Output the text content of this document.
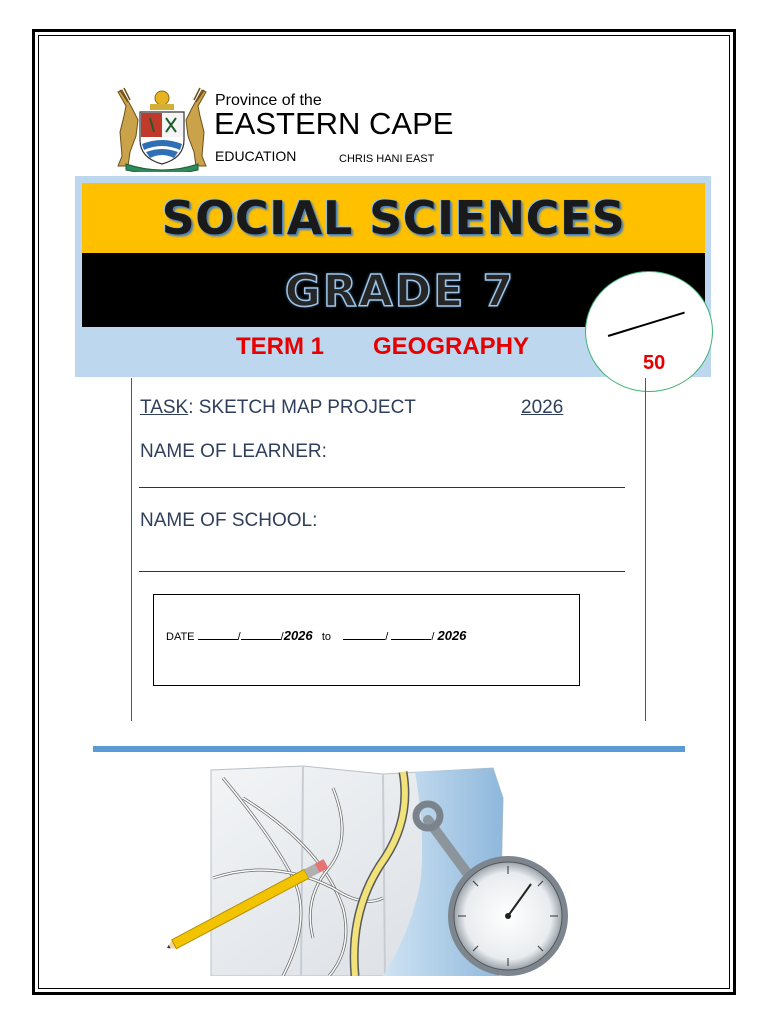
Province of the
EASTERN CAPE
EDUCATION	CHRIS HANI EAST
SOCIAL SCIENCES
GRADE 7
TERM 1 GEOGRAPHY
50
TASK: SKETCH MAP PROJECT	2026
NAME OF LEARNER:
NAME OF SCHOOL:
DATE	/	/2026 to	/	/ 2026
